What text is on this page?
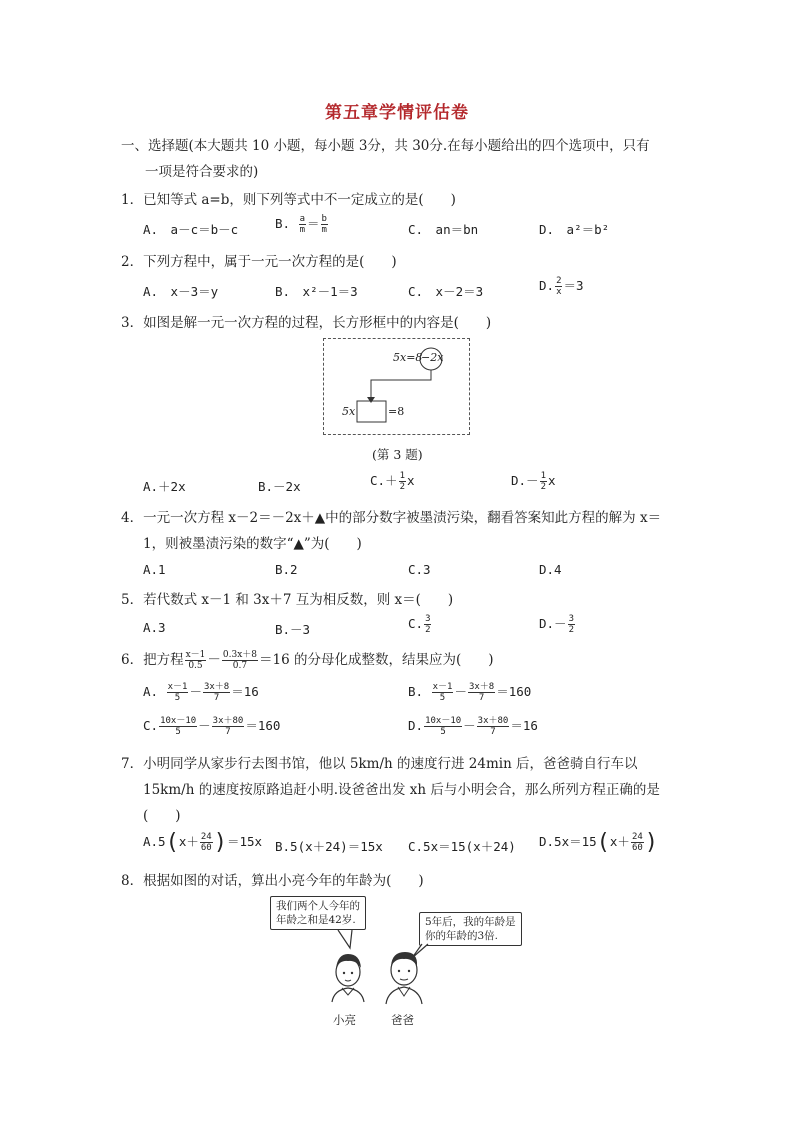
第五章学情评估卷
一、选择题(本大题共 10 小题，每小题 3分，共 30分.在每小题给出的四个选项中，只有
一项是符合要求的)
1．已知等式 a=b，则下列等式中不一定成立的是(　　)
A.　a－c＝b－c	B. $\frac{a}{m} = \frac{b}{m}$	C.　an＝bn	D.　a²＝b²
2．下列方程中，属于一元一次方程的是(　　)
A.　x－3＝y	B.　x²－1＝3	C.　x－2＝3	D. $\frac{2}{x} =3$
3．如图是解一元一次方程的过程，长方形框中的内容是(　　)
5x=8
−2x
5x	=8
(第 3 题)
A.＋2x	B.－2x	$C.+ \frac{1}{2}$ x	$D.- \frac{1}{2}$ x
4．一元一次方程 x－2＝－2x＋▲中的部分数字被墨渍污染，翻看答案知此方程的解为 x＝
1，则被墨渍污染的数字“▲”为(　　)
A.1	B.2	C.3	D.4
5．若代数式 x－1 和 3x＋7 互为相反数，则 x＝(　　)
A.3	B.－3	C. $\frac{3}{2}$	$D.- \frac{3}{2}$
6．把方程 $\frac{x-1}{0.5} - \frac{0.3x+8}{0.7} =16$ 的分母化成整数，结果应为(　　)
A. $\frac{x-1}{5} - \frac{3x+8}{7} =16$	B. $\frac{x-1}{5} - \frac{3x+8}{7} =160$
C. $\frac{10x-10}{5} - \frac{3x+80}{7} =160$	D. $\frac{10x-10}{5} - \frac{3x+80}{7} =16$
7．小明同学从家步行去图书馆，他以 5km/h 的速度行进 24min 后，爸爸骑自行车以
15km/h 的速度按原路追赶小明.设爸爸出发 xh 后与小明会合，那么所列方程正确的是
(　　)
$A.5(x+ \frac{24}{60} )=15x$ B.5(x＋24)＝15x C.5x＝15(x＋24) $D.5x=15(x+ \frac{24}{60}$ )
8．根据如图的对话，算出小亮今年的年龄为(　　)
我们两个人今年的
年龄之和是42岁.	5年后，我的年龄是
你的年龄的3倍.
小亮	爸爸
